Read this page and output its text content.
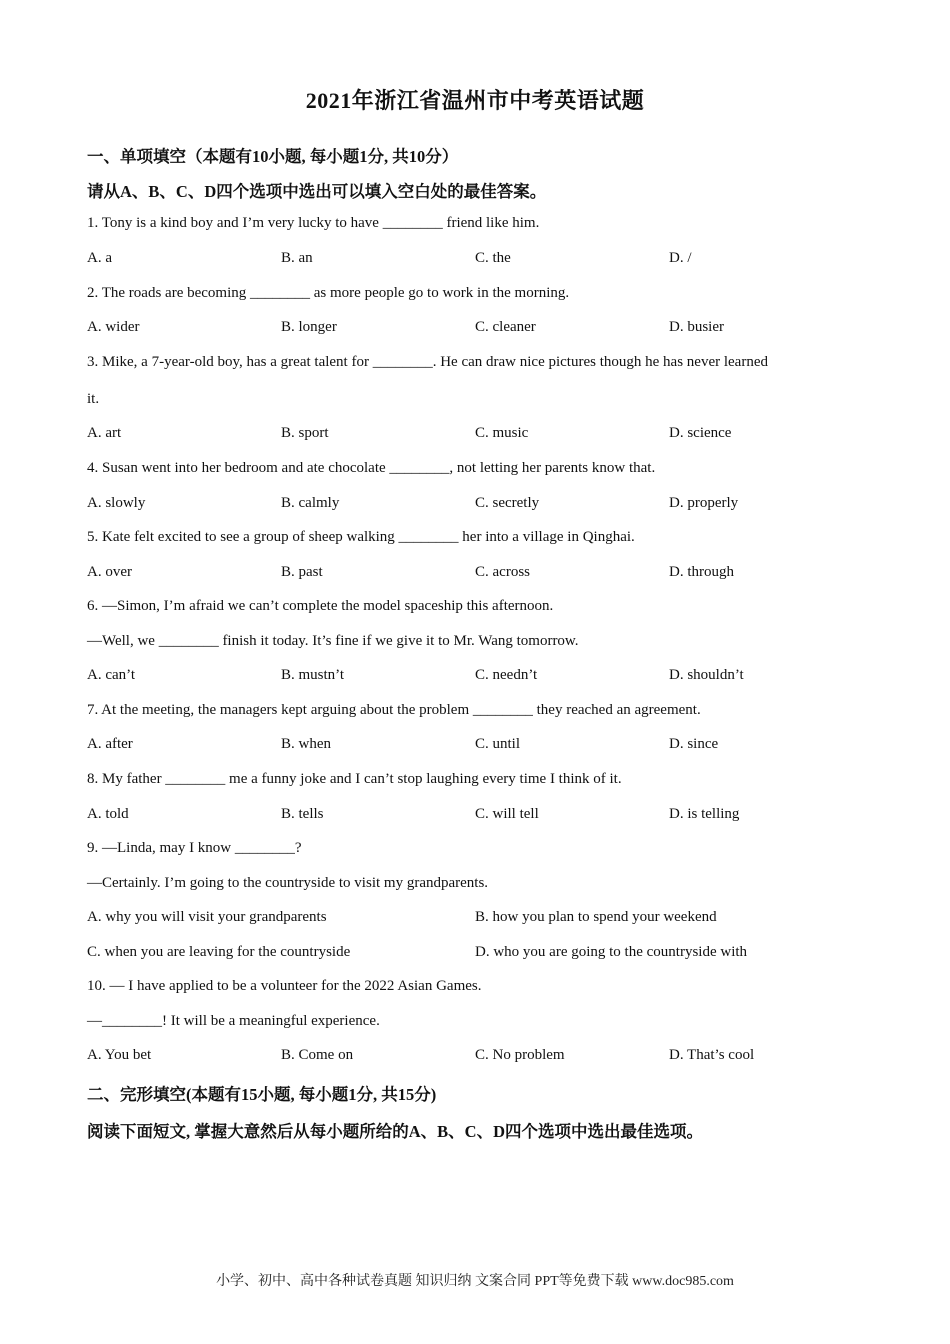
2021年浙江省温州市中考英语试题
一、单项填空（本题有10小题, 每小题1分, 共10分）
请从A、B、C、D四个选项中选出可以填入空白处的最佳答案。
1. Tony is a kind boy and I’m very lucky to have ________ friend like him.
A. a	B. an	C. the	D. /
2. The roads are becoming ________ as more people go to work in the morning.
A. wider	B. longer	C. cleaner	D. busier
3. Mike, a 7-year-old boy, has a great talent for ________. He can draw nice pictures though he has never learned
it.
A. art	B. sport	C. music	D. science
4. Susan went into her bedroom and ate chocolate ________, not letting her parents know that.
A. slowly	B. calmly	C. secretly	D. properly
5. Kate felt excited to see a group of sheep walking ________ her into a village in Qinghai.
A. over	B. past	C. across	D. through
6. —Simon, I’m afraid we can’t complete the model spaceship this afternoon.
—Well, we ________ finish it today. It’s fine if we give it to Mr. Wang tomorrow.
A. can’t	B. mustn’t	C. needn’t	D. shouldn’t
7. At the meeting, the managers kept arguing about the problem ________ they reached an agreement.
A. after	B. when	C. until	D. since
8. My father ________ me a funny joke and I can’t stop laughing every time I think of it.
A. told	B. tells	C. will tell	D. is telling
9. —Linda, may I know ________?
—Certainly. I’m going to the countryside to visit my grandparents.
A. why you will visit your grandparents	B. how you plan to spend your weekend
C. when you are leaving for the countryside	D. who you are going to the countryside with
10. — I have applied to be a volunteer for the 2022 Asian Games.
—________! It will be a meaningful experience.
A. You bet	B. Come on	C. No problem	D. That’s cool
二、完形填空(本题有15小题, 每小题1分, 共15分)
阅读下面短文, 掌握大意然后从每小题所给的A、B、C、D四个选项中选出最佳选项。
小学、初中、高中各种试卷真题 知识归纳 文案合同 PPT等免费下载 www.doc985.com
